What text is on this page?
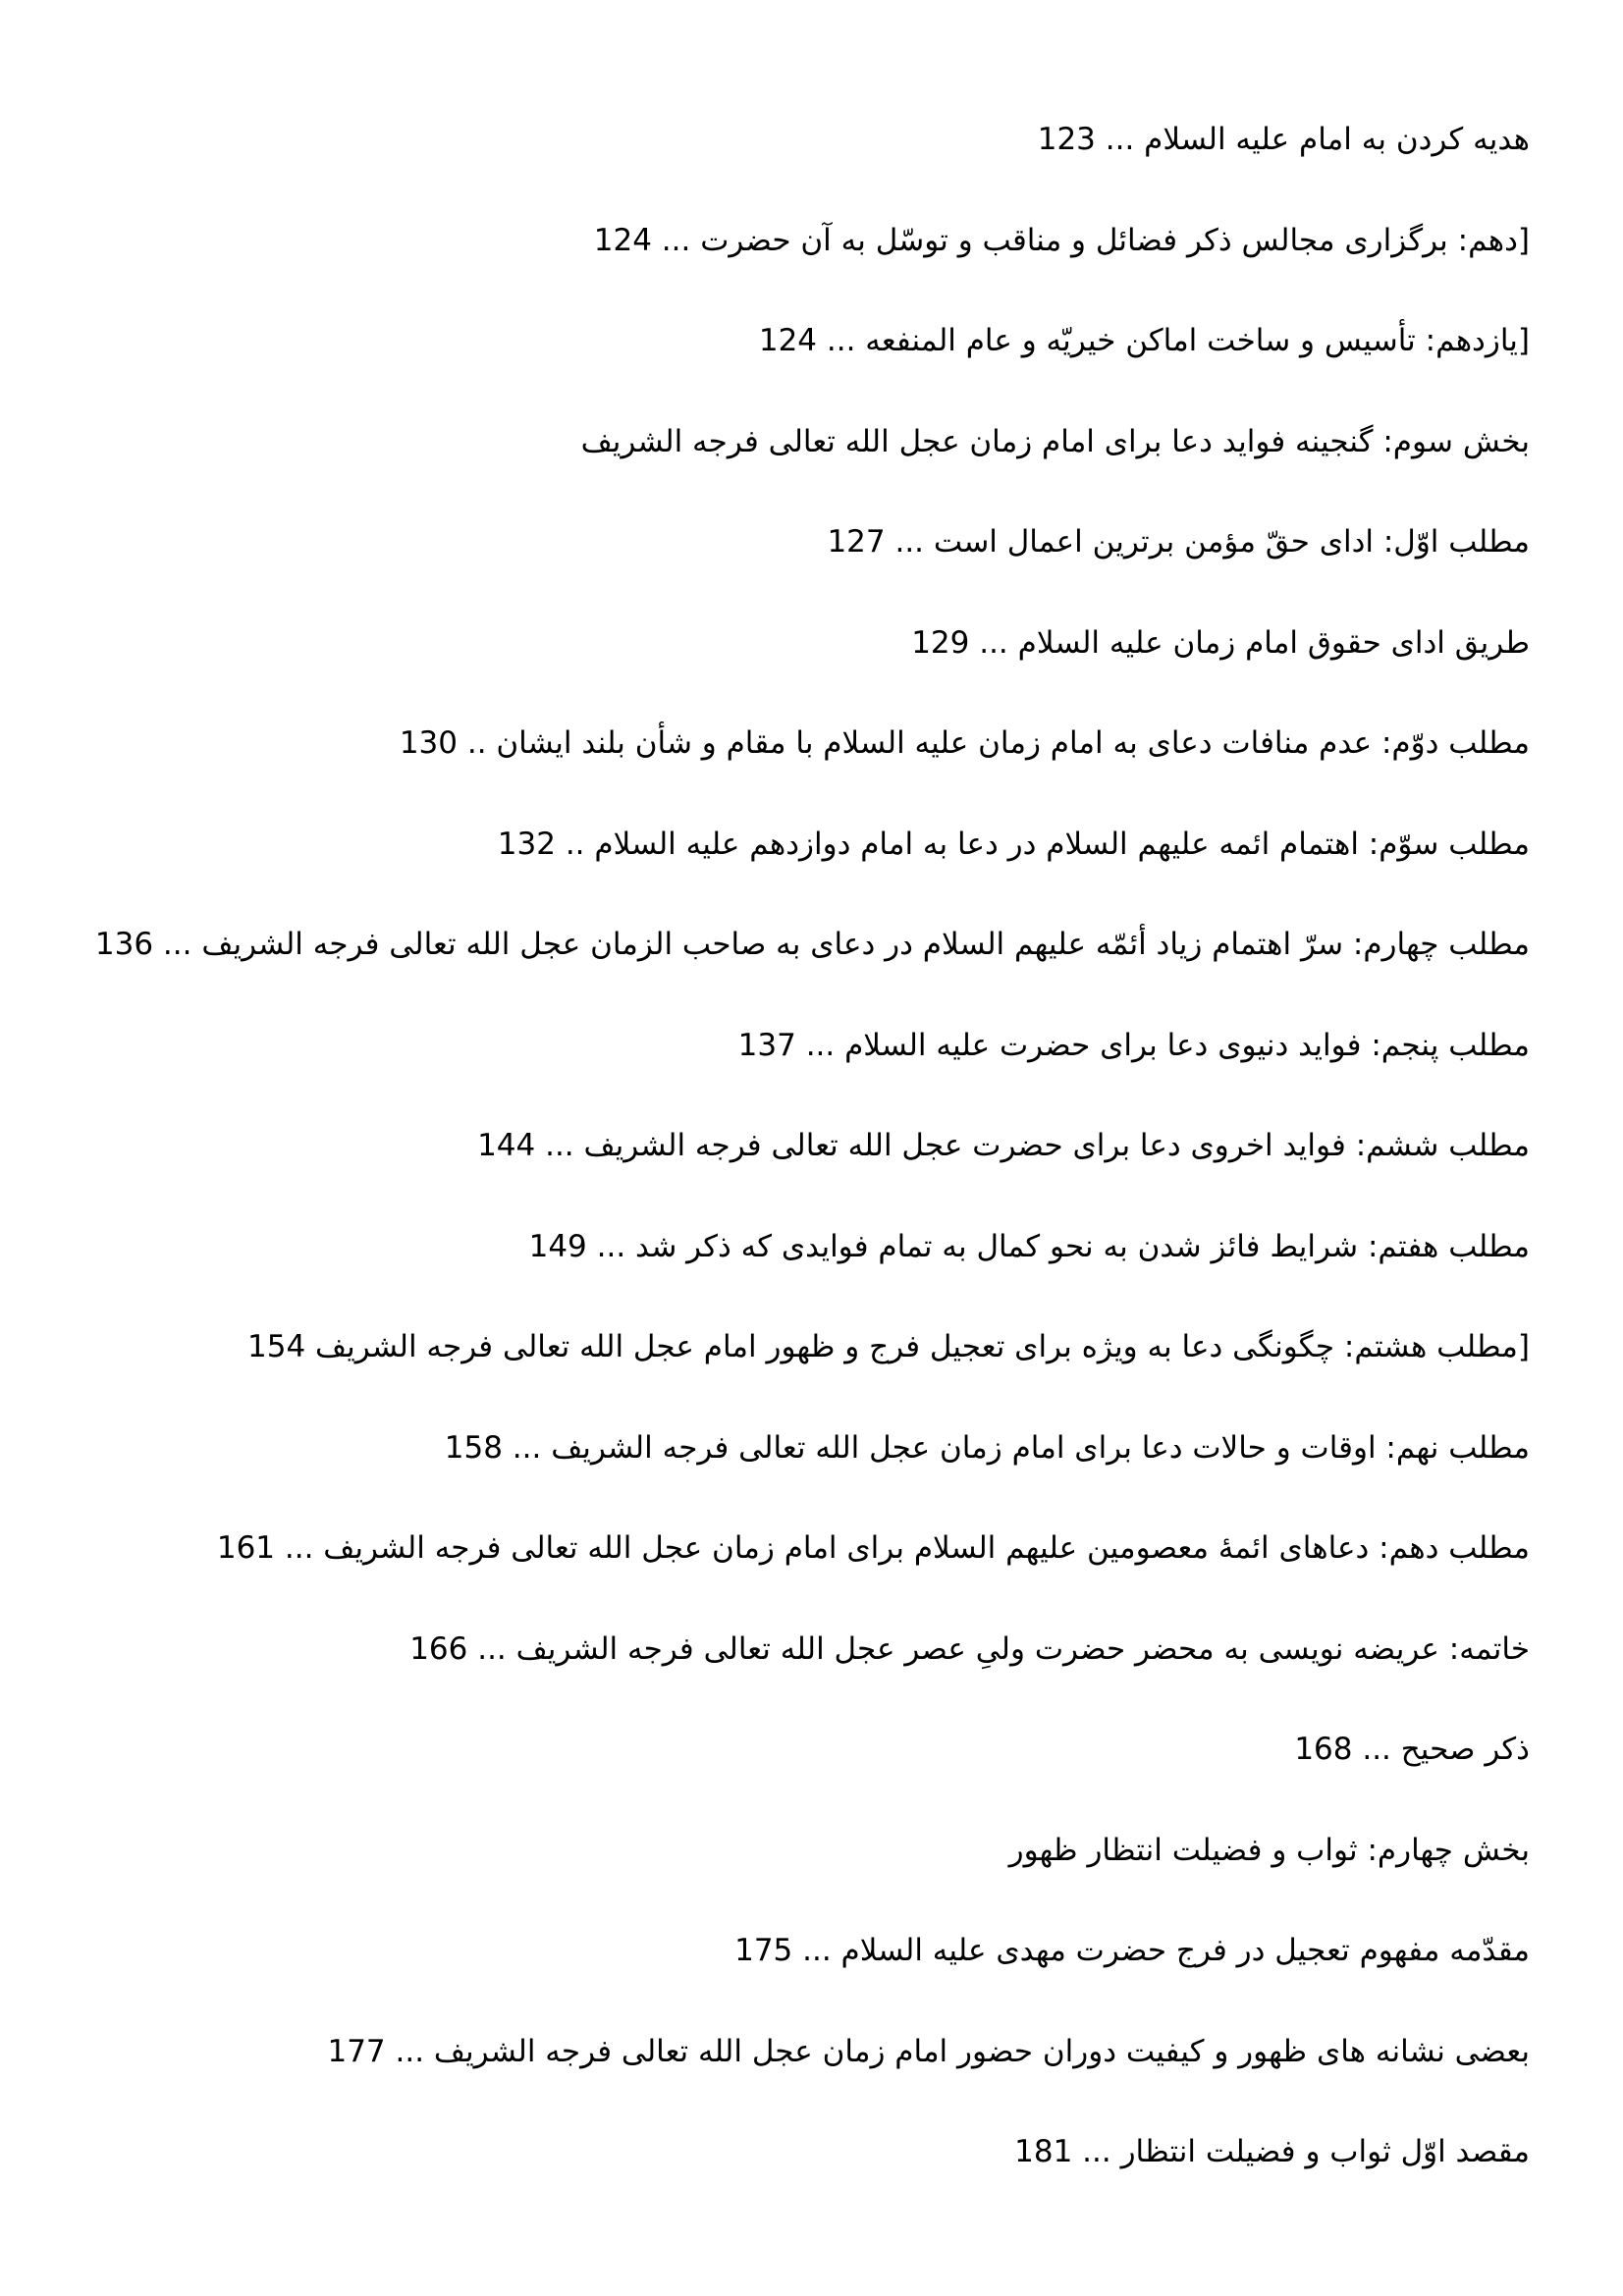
هدیه کردن به امام علیه السلام ... 123
[دهم: برگزاری مجالس ذکر فضائل و مناقب و توسّل به آن حضرت ... 124
[یازدهم: تأسیس و ساخت اماکن خیریّه و عام المنفعه ... 124
بخش سوم: گنجینه فواید دعا برای امام زمان عجل الله تعالی فرجه الشریف
مطلب اوّل: ادای حقّ مؤمن برترین اعمال است ... 127
طریق ادای حقوق امام زمان علیه السلام ... 129
مطلب دوّم: عدم منافات دعای به امام زمان علیه السلام با مقام و شأن بلند ایشان .. 130
مطلب سوّم: اهتمام ائمه علیهم السلام در دعا به امام دوازدهم علیه السلام .. 132
مطلب چهارم: سرّ اهتمام زیاد أئمّه علیهم السلام در دعای به صاحب الزمان عجل الله تعالی فرجه الشریف ... 136
مطلب پنجم: فواید دنیوی دعا برای حضرت علیه السلام ... 137
مطلب ششم: فواید اخروی دعا برای حضرت عجل الله تعالی فرجه الشریف ... 144
مطلب هفتم: شرایط فائز شدن به نحو کمال به تمام فوایدی که ذکر شد ... 149
[مطلب هشتم: چگونگی دعا به ویژه برای تعجیل فرج و ظهور امام عجل الله تعالی فرجه الشریف 154
مطلب نهم: اوقات و حالات دعا برای امام زمان عجل الله تعالی فرجه الشریف ... 158
مطلب دهم: دعاهای ائمۀ معصومین علیهم السلام برای امام زمان عجل الله تعالی فرجه الشریف ... 161
خاتمه: عریضه نویسی به محضر حضرت ولیِ عصر عجل الله تعالی فرجه الشریف ... 166
ذکر صحیح ... 168
بخش چهارم: ثواب و فضیلت انتظار ظهور
مقدّمه مفهوم تعجیل در فرج حضرت مهدی علیه السلام ... 175
بعضی نشانه های ظهور و کیفیت دوران حضور امام زمان عجل الله تعالی فرجه الشریف ... 177
مقصد اوّل ثواب و فضیلت انتظار ... 181
